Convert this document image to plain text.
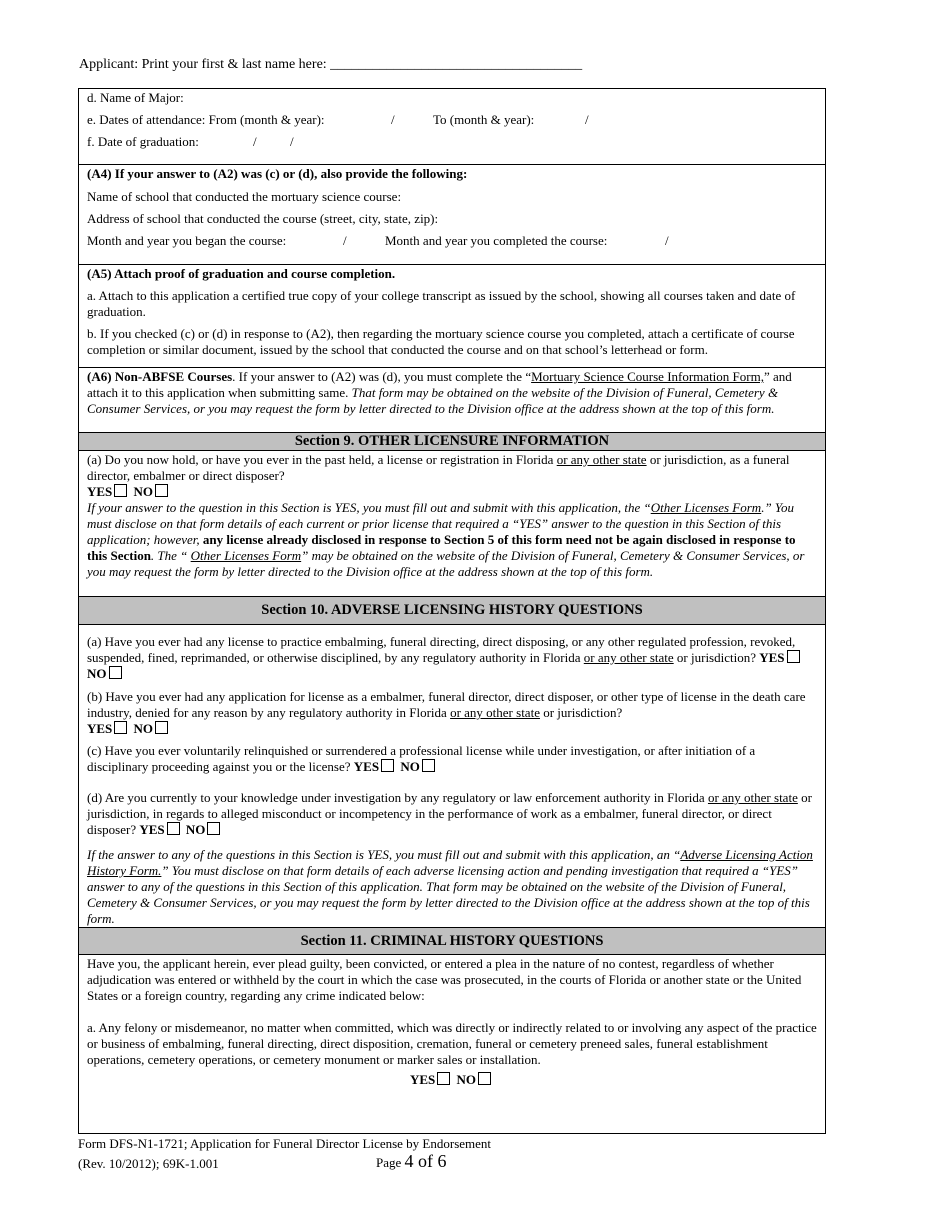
Applicant: Print your first & last name here: ____________________________________
d. Name of Major:
e. Dates of attendance: From (month & year):	/	To (month & year):	/
f. Date of graduation:	/	/
(A4) If your answer to (A2) was (c) or (d), also provide the following:
Name of school that conducted the mortuary science course:
Address of school that conducted the course (street, city, state, zip):
Month and year you began the course:	/	Month and year you completed the course:	/
(A5) Attach proof of graduation and course completion.
a. Attach to this application a certified true copy of your college transcript as issued by the school, showing all courses taken and date of graduation.
b. If you checked (c) or (d) in response to (A2), then regarding the mortuary science course you completed, attach a certificate of course completion or similar document, issued by the school that conducted the course and on that school’s letterhead or form.
(A6) Non-ABFSE Courses. If your answer to (A2) was (d), you must complete the “Mortuary Science Course Information Form,” and attach it to this application when submitting same. That form may be obtained on the website of the Division of Funeral, Cemetery & Consumer Services, or you may request the form by letter directed to the Division office at the address shown at the top of this form.
Section 9. OTHER LICENSURE INFORMATION
(a) Do you now hold, or have you ever in the past held, a license or registration in Florida or any other state or jurisdiction, as a funeral director, embalmer or direct disposer?
YES NO
If your answer to the question in this Section is YES, you must fill out and submit with this application, the “Other Licenses Form.” You must disclose on that form details of each current or prior license that required a “YES” answer to the question in this Section of this application; however, any license already disclosed in response to Section 5 of this form need not be again disclosed in response to this Section. The “ Other Licenses Form” may be obtained on the website of the Division of Funeral, Cemetery & Consumer Services, or you may request the form by letter directed to the Division office at the address shown at the top of this form.
Section 10. ADVERSE LICENSING HISTORY QUESTIONS
(a) Have you ever had any license to practice embalming, funeral directing, direct disposing, or any other regulated profession, revoked, suspended, fined, reprimanded, or otherwise disciplined, by any regulatory authority in Florida or any other state or jurisdiction? YES NO
(b) Have you ever had any application for license as a embalmer, funeral director, direct disposer, or other type of license in the death care industry, denied for any reason by any regulatory authority in Florida or any other state or jurisdiction?
YES NO
(c) Have you ever voluntarily relinquished or surrendered a professional license while under investigation, or after initiation of a disciplinary proceeding against you or the license? YES NO
(d) Are you currently to your knowledge under investigation by any regulatory or law enforcement authority in Florida or any other state or jurisdiction, in regards to alleged misconduct or incompetency in the performance of work as a embalmer, funeral director, or direct disposer? YES NO
If the answer to any of the questions in this Section is YES, you must fill out and submit with this application, an “Adverse Licensing Action History Form.” You must disclose on that form details of each adverse licensing action and pending investigation that required a “YES” answer to any of the questions in this Section of this application. That form may be obtained on the website of the Division of Funeral, Cemetery & Consumer Services, or you may request the form by letter directed to the Division office at the address shown at the top of this form.
Section 11. CRIMINAL HISTORY QUESTIONS
Have you, the applicant herein, ever plead guilty, been convicted, or entered a plea in the nature of no contest, regardless of whether adjudication was entered or withheld by the court in which the case was prosecuted, in the courts of Florida or another state or the United States or a foreign country, regarding any crime indicated below:
a. Any felony or misdemeanor, no matter when committed, which was directly or indirectly related to or involving any aspect of the practice or business of embalming, funeral directing, direct disposition, cremation, funeral or cemetery preneed sales, funeral establishment operations, cemetery operations, or cemetery monument or marker sales or installation.
YES NO
Form DFS-N1-1721; Application for Funeral Director License by Endorsement
(Rev. 10/2012); 69K-1.001	Page 4 of 6
